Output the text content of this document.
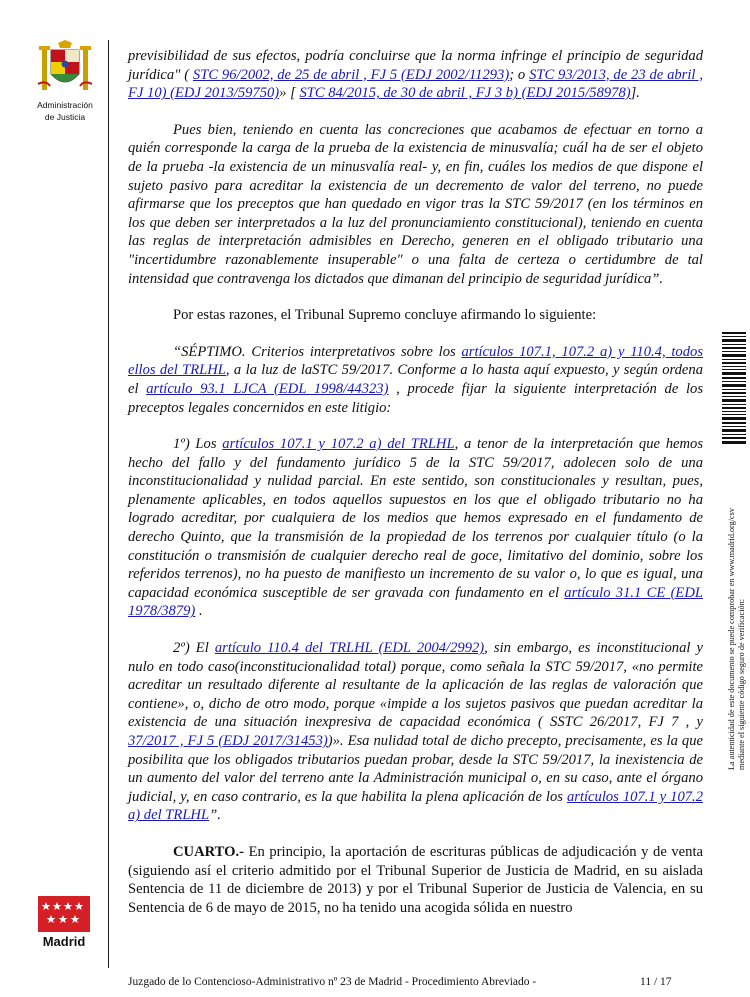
Administración
de Justicia
La autenticidad de este documento se puede comprobar en www.madrid.org/csv mediante el siguiente código seguro de verificación:

previsibilidad de sus efectos, podría concluirse que la norma infringe el principio de seguridad jurídica" ( STC 96/2002, de 25 de abril , FJ 5 (EDJ 2002/11293); o STC 93/2013, de 23 de abril , FJ 10) (EDJ 2013/59750)» [ STC 84/2015, de 30 de abril , FJ 3 b) (EDJ 2015/58978)].

Pues bien, teniendo en cuenta las concreciones que acabamos de efectuar en torno a quién corresponde la carga de la prueba de la existencia de minusvalía; cuál ha de ser el objeto de la prueba -la existencia de un minusvalía real- y, en fin, cuáles los medios de que dispone el sujeto pasivo para acreditar la existencia de un decremento de valor del terreno, no puede afirmarse que los preceptos que han quedado en vigor tras la STC 59/2017 (en los términos en los que deben ser interpretados a la luz del pronunciamiento constitucional), teniendo en cuenta las reglas de interpretación admisibles en Derecho, generen en el obligado tributario una "incertidumbre razonablemente insuperable" o una falta de certeza o certidumbre de tal intensidad que contravenga los dictados que dimanan del principio de seguridad jurídica”.

Por estas razones, el Tribunal Supremo concluye afirmando lo siguiente:

“SÉPTIMO. Criterios interpretativos sobre los artículos 107.1, 107.2 a) y 110.4, todos ellos del TRLHL, a la luz de laSTC 59/2017. Conforme a lo hasta aquí expuesto, y según ordena el artículo 93.1 LJCA (EDL 1998/44323) , procede fijar la siguiente interpretación de los preceptos legales concernidos en este litigio:

1º) Los artículos 107.1 y 107.2 a) del TRLHL, a tenor de la interpretación que hemos hecho del fallo y del fundamento jurídico 5 de la STC 59/2017, adolecen solo de una inconstitucionalidad y nulidad parcial. En este sentido, son constitucionales y resultan, pues, plenamente aplicables, en todos aquellos supuestos en los que el obligado tributario no ha logrado acreditar, por cualquiera de los medios que hemos expresado en el fundamento de derecho Quinto, que la transmisión de la propiedad de los terrenos por cualquier título (o la constitución o transmisión de cualquier derecho real de goce, limitativo del dominio, sobre los referidos terrenos), no ha puesto de manifiesto un incremento de su valor o, lo que es igual, una capacidad económica susceptible de ser gravada con fundamento en el artículo 31.1 CE (EDL 1978/3879) .

2º) El artículo 110.4 del TRLHL (EDL 2004/2992), sin embargo, es inconstitucional y nulo en todo caso(inconstitucionalidad total) porque, como señala la STC 59/2017, «no permite acreditar un resultado diferente al resultante de la aplicación de las reglas de valoración que contiene», o, dicho de otro modo, porque «impide a los sujetos pasivos que puedan acreditar la existencia de una situación inexpresiva de capacidad económica ( SSTC 26/2017, FJ 7 , y 37/2017 , FJ 5 (EDJ 2017/31453))». Esa nulidad total de dicho precepto, precisamente, es la que posibilita que los obligados tributarios puedan probar, desde la STC 59/2017, la inexistencia de un aumento del valor del terreno ante la Administración municipal o, en su caso, ante el órgano judicial, y, en caso contrario, es la que habilita la plena aplicación de los artículos 107.1 y 107.2 a) del TRLHL”.

CUARTO.- En principio, la aportación de escrituras públicas de adjudicación y de venta (siguiendo así el criterio admitido por el Tribunal Superior de Justicia de Madrid, en su aislada Sentencia de 11 de diciembre de 2013) y por el Tribunal Superior de Justicia de Valencia, en su Sentencia de 6 de mayo de 2015, no ha tenido una acogida sólida en nuestro

Madrid
Juzgado de lo Contencioso-Administrativo nº 23 de Madrid - Procedimiento Abreviado -	11 / 17
